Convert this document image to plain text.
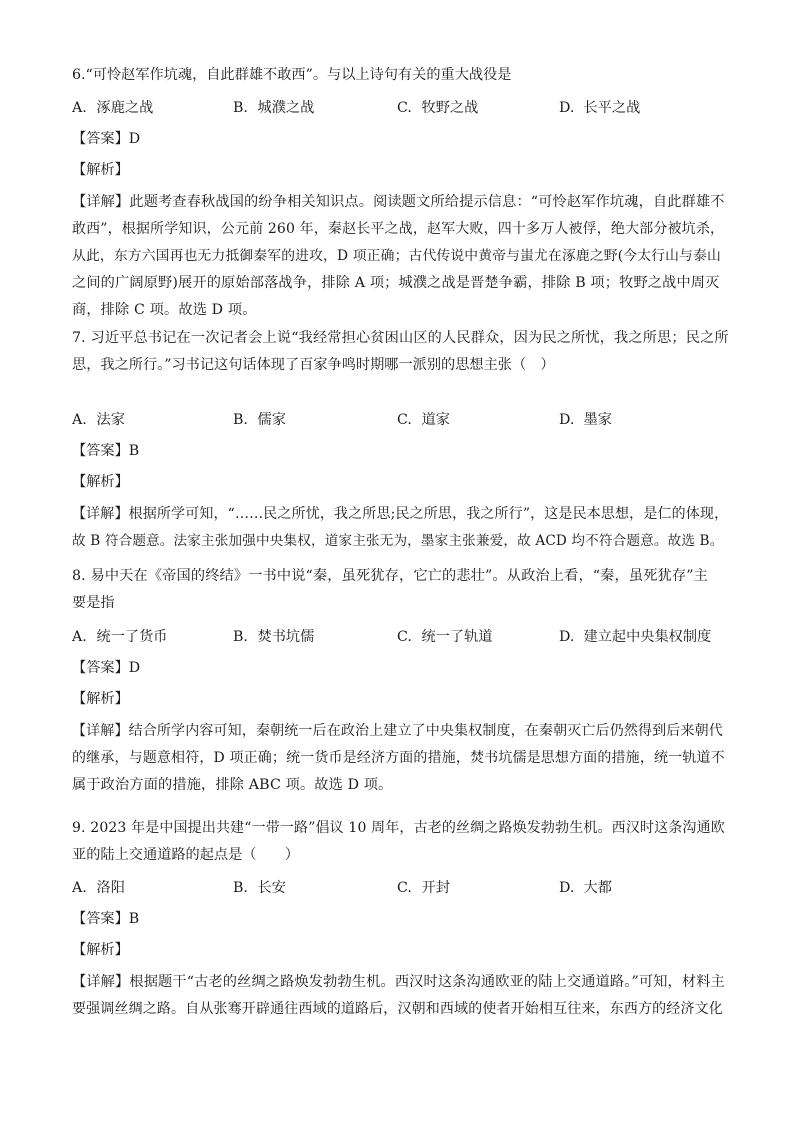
6.“可怜赵军作坑魂，自此群雄不敢西”。与以上诗句有关的重大战役是
A. 涿鹿之战	B. 城濮之战	C. 牧野之战	D. 长平之战
【答案】D
【解析】
【详解】此题考查春秋战国的纷争相关知识点。阅读题文所给提示信息：“可怜赵军作坑魂，自此群雄不
敢西”，根据所学知识，公元前 260 年，秦赵长平之战，赵军大败，四十多万人被俘，绝大部分被坑杀，
从此，东方六国再也无力抵御秦军的进攻，D 项正确；古代传说中黄帝与蚩尤在涿鹿之野(今太行山与泰山
之间的广阔原野)展开的原始部落战争，排除 A 项；城濮之战是晋楚争霸，排除 B 项；牧野之战中周灭
商，排除 C 项。故选 D 项。
7. 习近平总书记在一次记者会上说“我经常担心贫困山区的人民群众，因为民之所忧，我之所思；民之所
思，我之所行。”习书记这句话体现了百家争鸣时期哪一派别的思想主张（　）
A. 法家	B. 儒家	C. 道家	D. 墨家
【答案】B
【解析】
【详解】根据所学可知，“……民之所忧，我之所思;民之所思，我之所行”，这是民本思想，是仁的体现，
故 B 符合题意。法家主张加强中央集权，道家主张无为，墨家主张兼爱，故 ACD 均不符合题意。故选 B。
8. 易中天在《帝国的终结》一书中说“秦，虽死犹存，它亡的悲壮”。从政治上看，“秦，虽死犹存”主
要是指
A. 统一了货币	B. 焚书坑儒	C. 统一了轨道	D. 建立起中央集权制度
【答案】D
【解析】
【详解】结合所学内容可知，秦朝统一后在政治上建立了中央集权制度，在秦朝灭亡后仍然得到后来朝代
的继承，与题意相符，D 项正确；统一货币是经济方面的措施，焚书坑儒是思想方面的措施，统一轨道不
属于政治方面的措施，排除 ABC 项。故选 D 项。
9. 2023 年是中国提出共建“一带一路”倡议 10 周年，古老的丝绸之路焕发勃勃生机。西汉时这条沟通欧
亚的陆上交通道路的起点是（　　）
A. 洛阳	B. 长安	C. 开封	D. 大都
【答案】B
【解析】
【详解】根据题干“古老的丝绸之路焕发勃勃生机。西汉时这条沟通欧亚的陆上交通道路。”可知，材料主
要强调丝绸之路。自从张骞开辟通往西域的道路后，汉朝和西域的使者开始相互往来，东西方的经济文化
